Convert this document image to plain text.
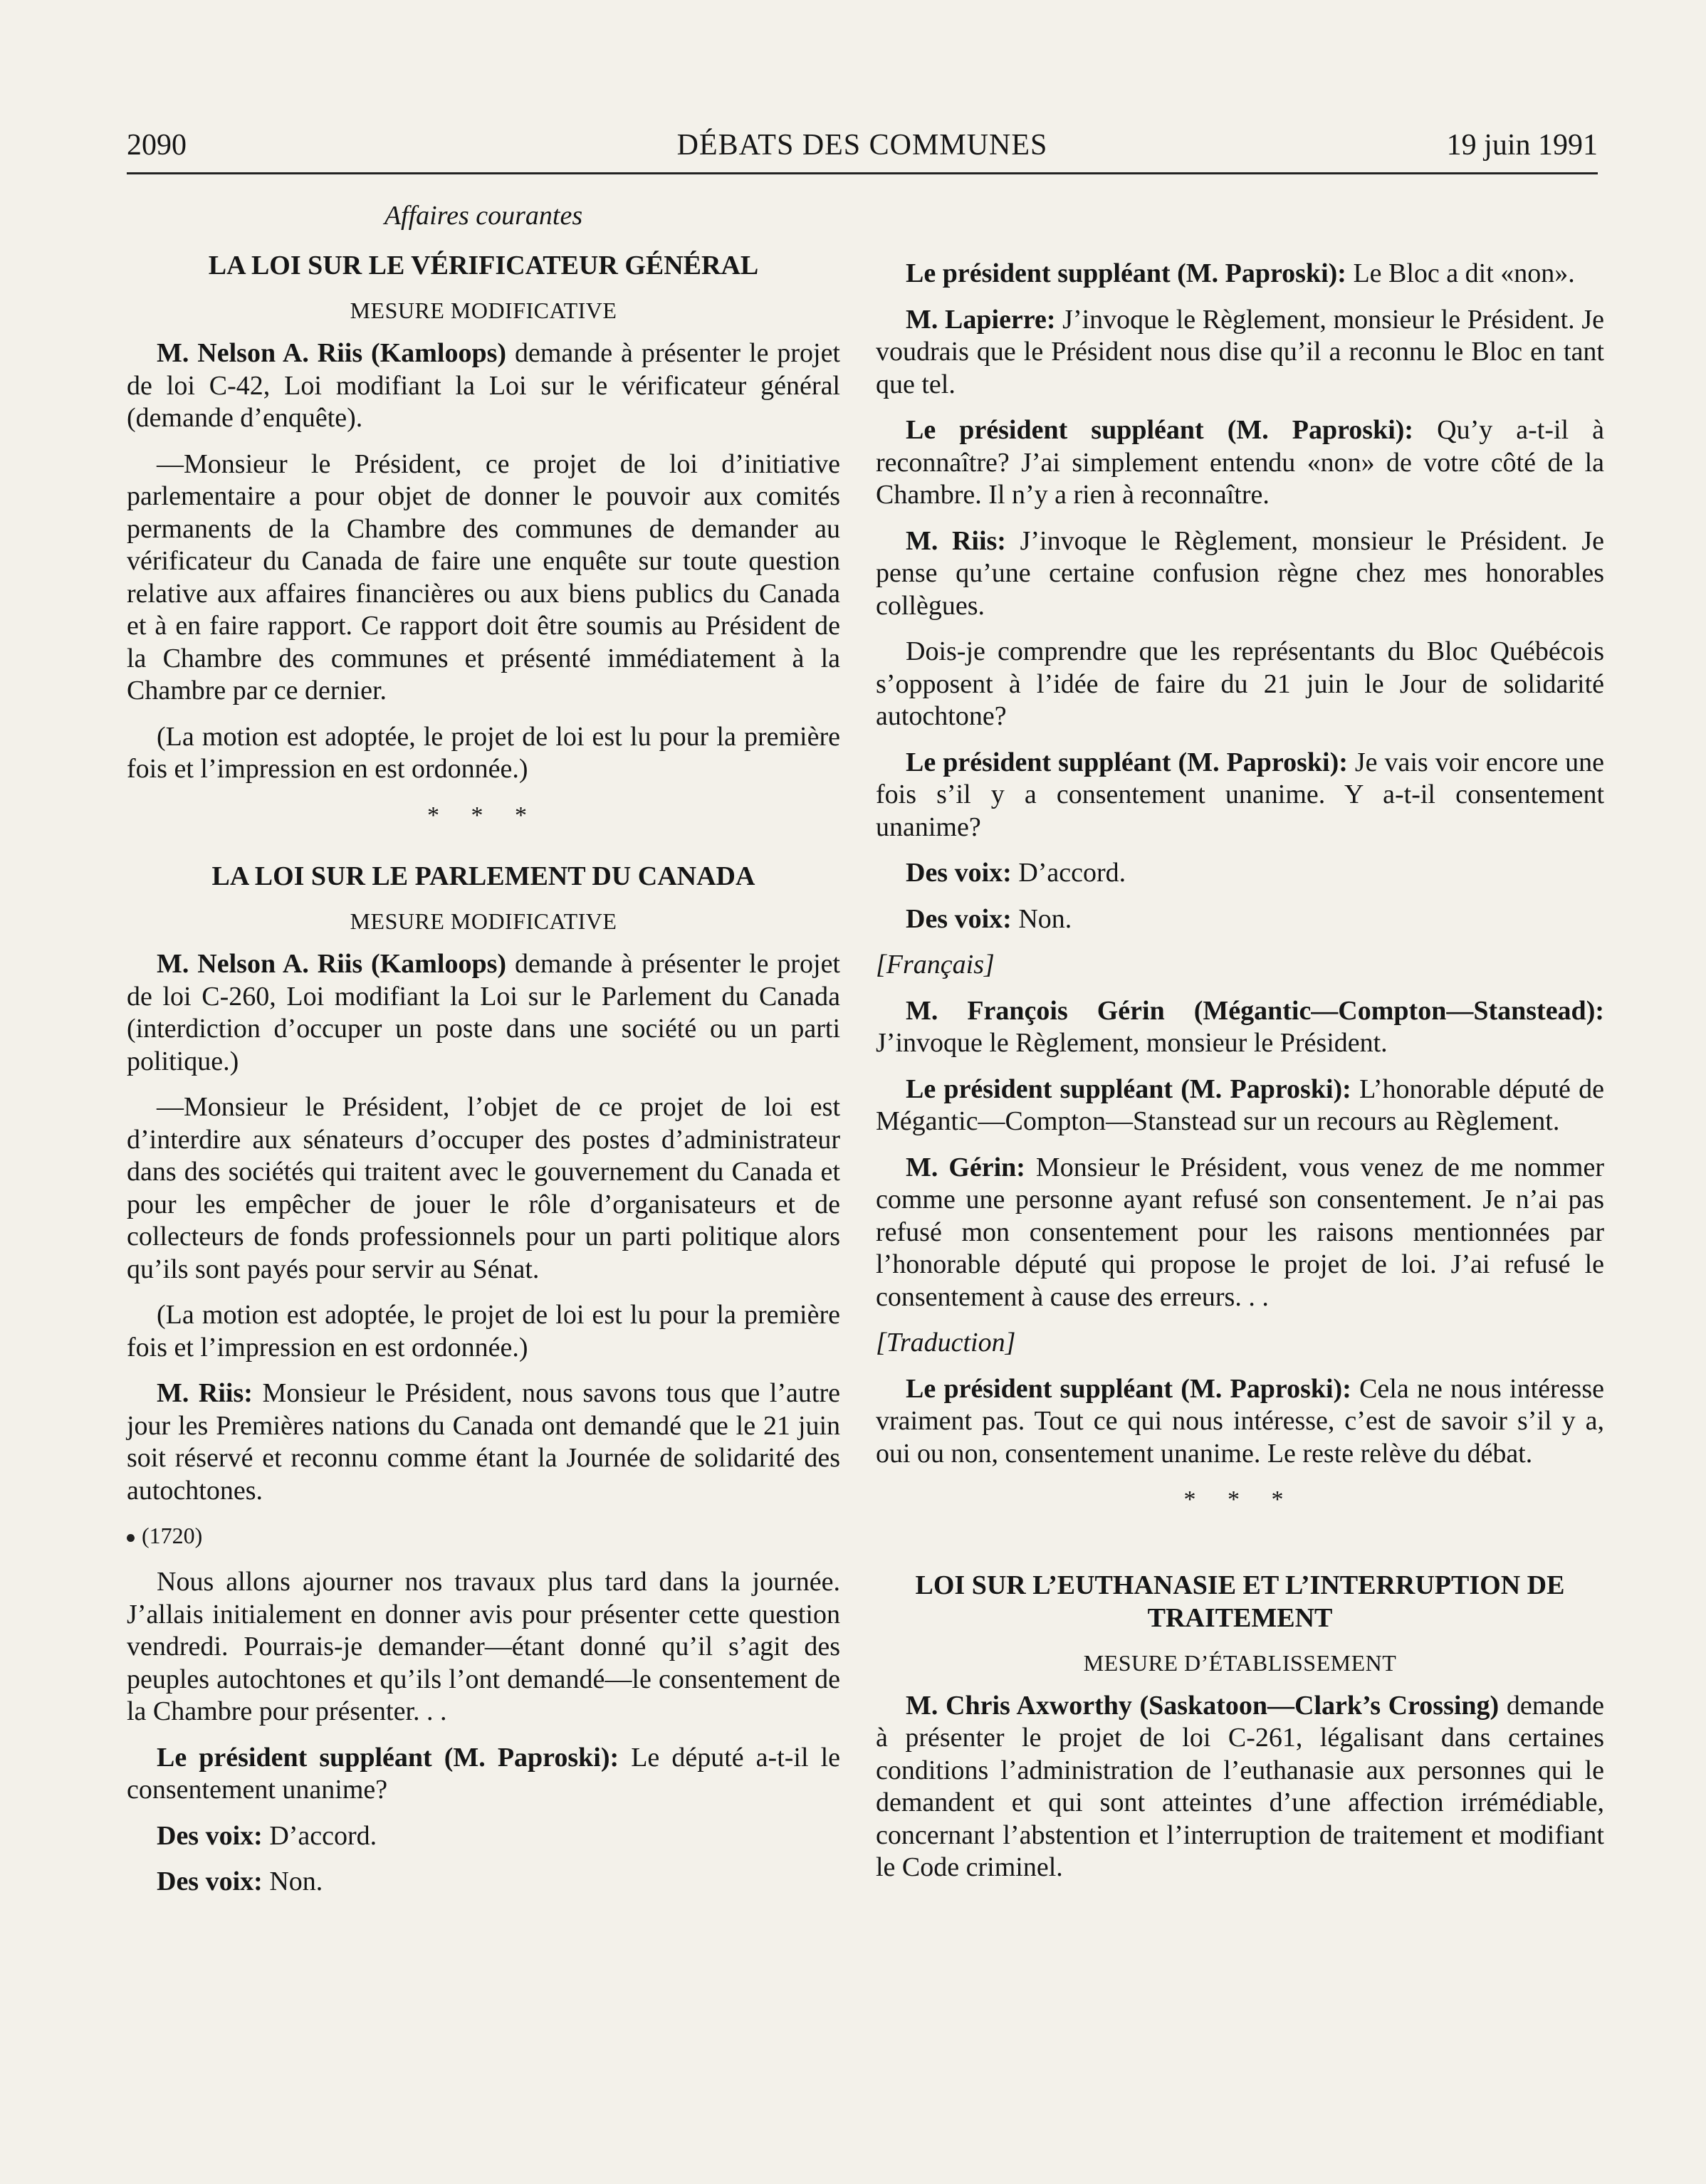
2090	DÉBATS DES COMMUNES	19 juin 1991
Affaires courantes
LA LOI SUR LE VÉRIFICATEUR GÉNÉRAL
MESURE MODIFICATIVE

M. Nelson A. Riis (Kamloops) demande à présenter le projet de loi C-42, Loi modifiant la Loi sur le vérificateur général (demande d’enquête).

—Monsieur le Président, ce projet de loi d’initiative parlementaire a pour objet de donner le pouvoir aux comités permanents de la Chambre des communes de demander au vérificateur du Canada de faire une enquête sur toute question relative aux affaires financières ou aux biens publics du Canada et à en faire rapport. Ce rapport doit être soumis au Président de la Chambre des communes et présenté immédiatement à la Chambre par ce dernier.

(La motion est adoptée, le projet de loi est lu pour la première fois et l’impression en est ordonnée.)

* * *
LA LOI SUR LE PARLEMENT DU CANADA
MESURE MODIFICATIVE

M. Nelson A. Riis (Kamloops) demande à présenter le projet de loi C-260, Loi modifiant la Loi sur le Parlement du Canada (interdiction d’occuper un poste dans une société ou un parti politique.)

—Monsieur le Président, l’objet de ce projet de loi est d’interdire aux sénateurs d’occuper des postes d’administrateur dans des sociétés qui traitent avec le gouvernement du Canada et pour les empêcher de jouer le rôle d’organisateurs et de collecteurs de fonds professionnels pour un parti politique alors qu’ils sont payés pour servir au Sénat.

(La motion est adoptée, le projet de loi est lu pour la première fois et l’impression en est ordonnée.)

M. Riis: Monsieur le Président, nous savons tous que l’autre jour les Premières nations du Canada ont demandé que le 21 juin soit réservé et reconnu comme étant la Journée de solidarité des autochtones.

(1720)

Nous allons ajourner nos travaux plus tard dans la journée. J’allais initialement en donner avis pour présenter cette question vendredi. Pourrais-je demander—étant donné qu’il s’agit des peuples autochtones et qu’ils l’ont demandé—le consentement de la Chambre pour présenter. . .

Le président suppléant (M. Paproski): Le député a-t-il le consentement unanime?

Des voix: D’accord.

Des voix: Non.

Le président suppléant (M. Paproski): Le Bloc a dit «non».

M. Lapierre: J’invoque le Règlement, monsieur le Président. Je voudrais que le Président nous dise qu’il a reconnu le Bloc en tant que tel.

Le président suppléant (M. Paproski): Qu’y a-t-il à reconnaître? J’ai simplement entendu «non» de votre côté de la Chambre. Il n’y a rien à reconnaître.

M. Riis: J’invoque le Règlement, monsieur le Président. Je pense qu’une certaine confusion règne chez mes honorables collègues.

Dois-je comprendre que les représentants du Bloc Québécois s’opposent à l’idée de faire du 21 juin le Jour de solidarité autochtone?

Le président suppléant (M. Paproski): Je vais voir encore une fois s’il y a consentement unanime. Y a-t-il consentement unanime?

Des voix: D’accord.

Des voix: Non.

[Français]

M. François Gérin (Mégantic—Compton—Stanstead): J’invoque le Règlement, monsieur le Président.

Le président suppléant (M. Paproski): L’honorable député de Mégantic—Compton—Stanstead sur un recours au Règlement.

M. Gérin: Monsieur le Président, vous venez de me nommer comme une personne ayant refusé son consentement. Je n’ai pas refusé mon consentement pour les raisons mentionnées par l’honorable député qui propose le projet de loi. J’ai refusé le consentement à cause des erreurs. . .

[Traduction]

Le président suppléant (M. Paproski): Cela ne nous intéresse vraiment pas. Tout ce qui nous intéresse, c’est de savoir s’il y a, oui ou non, consentement unanime. Le reste relève du débat.

* * *
LOI SUR L’EUTHANASIE ET L’INTERRUPTION DE TRAITEMENT
MESURE D’ÉTABLISSEMENT

M. Chris Axworthy (Saskatoon—Clark’s Crossing) demande à présenter le projet de loi C-261, légalisant dans certaines conditions l’administration de l’euthanasie aux personnes qui le demandent et qui sont atteintes d’une affection irrémédiable, concernant l’abstention et l’interruption de traitement et modifiant le Code criminel.
